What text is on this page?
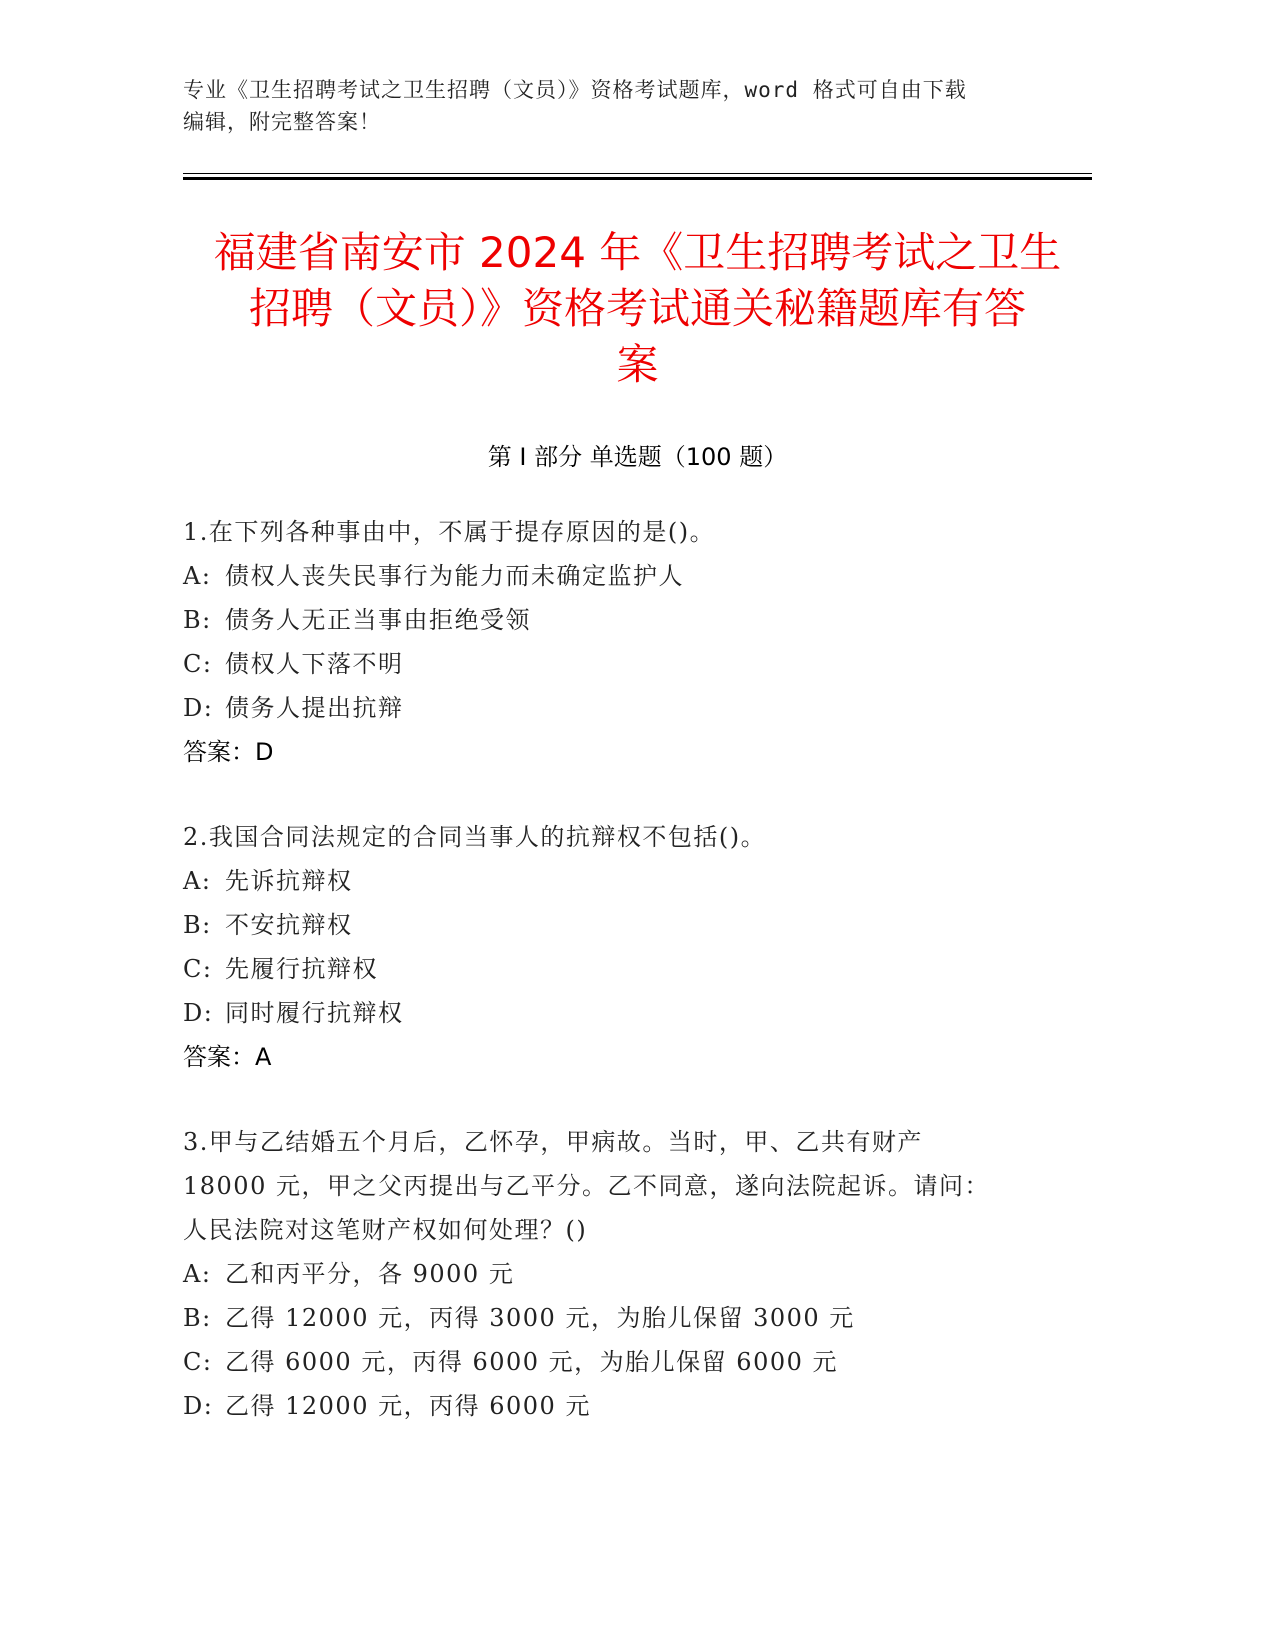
专业《卫生招聘考试之卫生招聘（文员）》资格考试题库，word 格式可自由下载
编辑，附完整答案！
福建省南安市 2024 年《卫生招聘考试之卫生
招聘（文员）》资格考试通关秘籍题库有答
案
第 I 部分 单选题（100 题）

1.在下列各种事由中，不属于提存原因的是()。

A: 债权人丧失民事行为能力而未确定监护人

B: 债务人无正当事由拒绝受领

C: 债权人下落不明

D: 债务人提出抗辩

答案：D

2.我国合同法规定的合同当事人的抗辩权不包括()。

A: 先诉抗辩权

B: 不安抗辩权

C: 先履行抗辩权

D: 同时履行抗辩权

答案：A

3.甲与乙结婚五个月后，乙怀孕，甲病故。当时，甲、乙共有财产

18000 元，甲之父丙提出与乙平分。乙不同意，遂向法院起诉。请问：

人民法院对这笔财产权如何处理？()

A: 乙和丙平分，各 9000 元

B: 乙得 12000 元，丙得 3000 元，为胎儿保留 3000 元

C: 乙得 6000 元，丙得 6000 元，为胎儿保留 6000 元

D: 乙得 12000 元，丙得 6000 元
